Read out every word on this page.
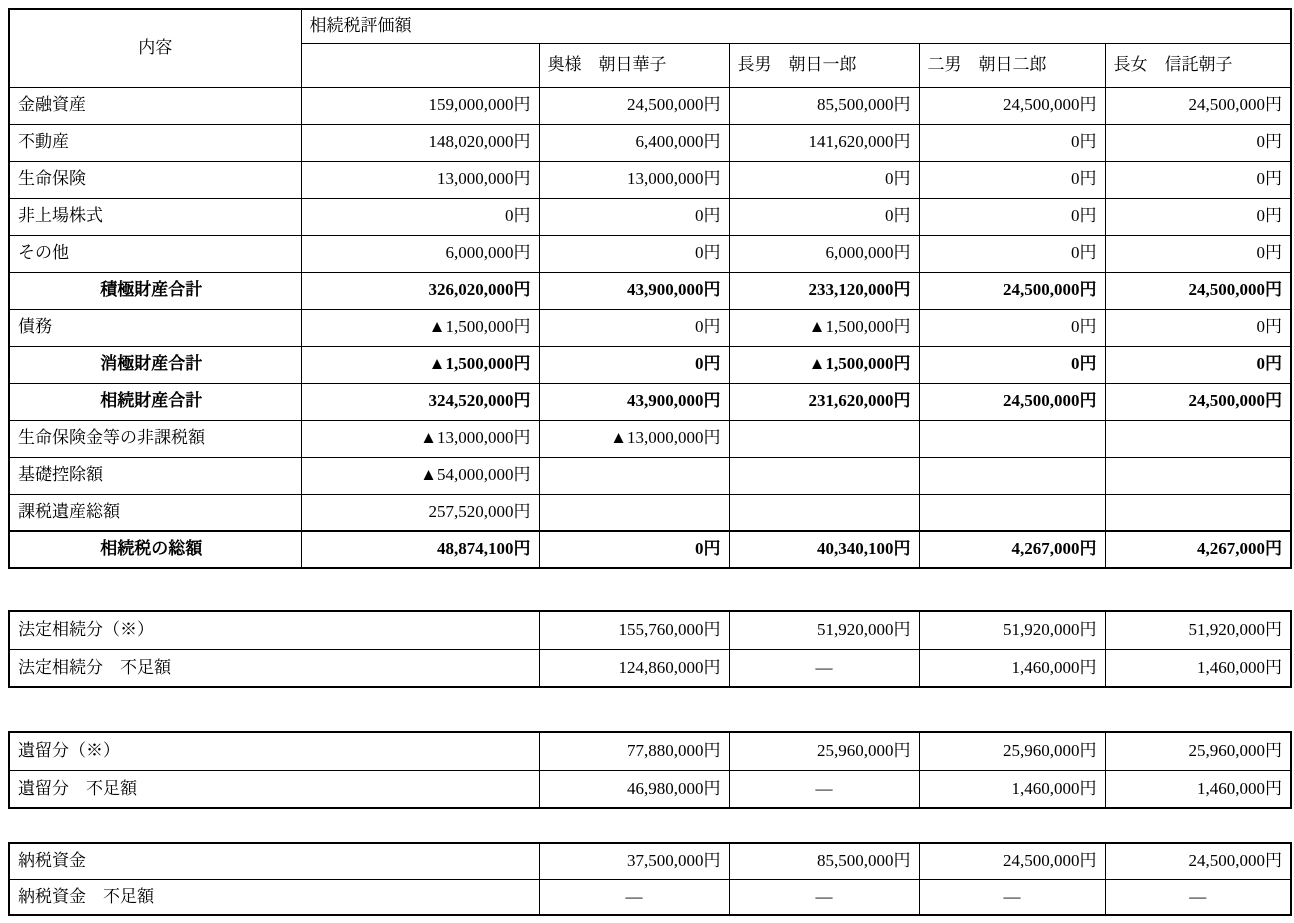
内容	相続税評価額				
		奥様　朝日華子	長男　朝日一郎	二男　朝日二郎	長女　信託朝子
金融資産	159,000,000円	24,500,000円	85,500,000円	24,500,000円	24,500,000円
不動産	148,020,000円	6,400,000円	141,620,000円	0円	0円
生命保険	13,000,000円	13,000,000円	0円	0円	0円
非上場株式	0円	0円	0円	0円	0円
その他	6,000,000円	0円	6,000,000円	0円	0円
積極財産合計	326,020,000円	43,900,000円	233,120,000円	24,500,000円	24,500,000円
債務	▲1,500,000円	0円	▲1,500,000円	0円	0円
消極財産合計	▲1,500,000円	0円	▲1,500,000円	0円	0円
相続財産合計	324,520,000円	43,900,000円	231,620,000円	24,500,000円	24,500,000円
生命保険金等の非課税額	▲13,000,000円	▲13,000,000円			
基礎控除額	▲54,000,000円				
課税遺産総額	257,520,000円				
相続税の総額	48,874,100円	0円	40,340,100円	4,267,000円	4,267,000円
法定相続分（※）	155,760,000円	51,920,000円	51,920,000円	51,920,000円
法定相続分　不足額	124,860,000円	―	1,460,000円	1,460,000円
遺留分（※）	77,880,000円	25,960,000円	25,960,000円	25,960,000円
遺留分　不足額	46,980,000円	―	1,460,000円	1,460,000円
納税資金	37,500,000円	85,500,000円	24,500,000円	24,500,000円
納税資金　不足額	―	―	―	―
